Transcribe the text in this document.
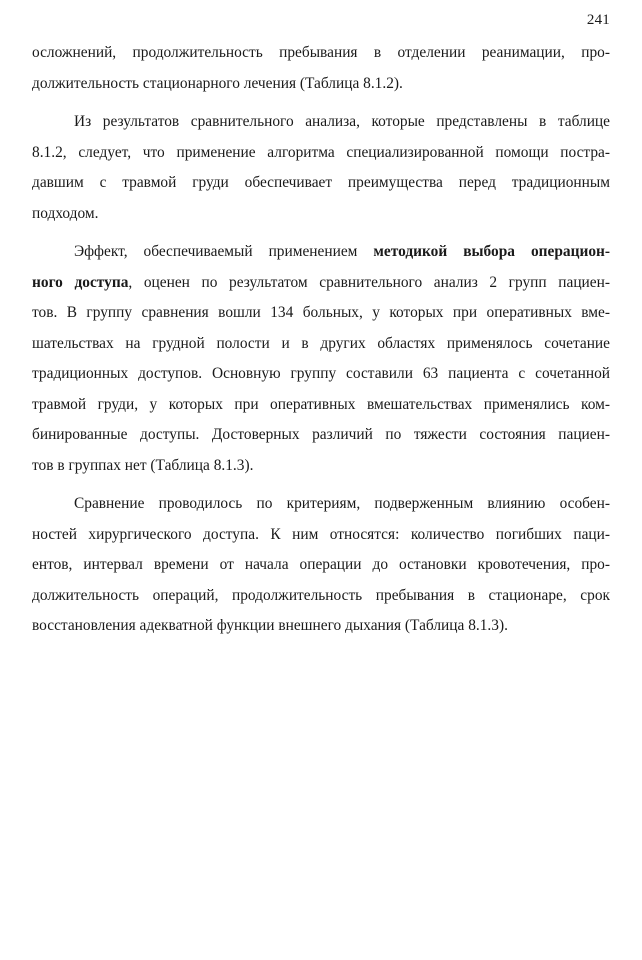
241
осложнений, продолжительность пребывания в отделении реанимации, про-
должительность стационарного лечения (Таблица 8.1.2).
Из результатов сравнительного анализа, которые представлены в таблице
8.1.2, следует, что применение алгоритма специализированной помощи постра-
давшим с травмой груди обеспечивает преимущества перед традиционным
подходом.
Эффект, обеспечиваемый применением методикой выбора операцион-
ного доступа, оценен по результатом сравнительного анализ 2 групп пациен-
тов. В группу сравнения вошли 134 больных, у которых при оперативных вме-
шательствах на грудной полости и в других областях применялось сочетание
традиционных доступов. Основную группу составили 63 пациента с сочетанной
травмой груди, у которых при оперативных вмешательствах применялись ком-
бинированные доступы. Достоверных различий по тяжести состояния пациен-
тов в группах нет (Таблица 8.1.3).
Сравнение проводилось по критериям, подверженным влиянию особен-
ностей хирургического доступа. К ним относятся: количество погибших паци-
ентов, интервал времени от начала операции до остановки кровотечения, про-
должительность операций, продолжительность пребывания в стационаре, срок
восстановления адекватной функции внешнего дыхания (Таблица 8.1.3).
